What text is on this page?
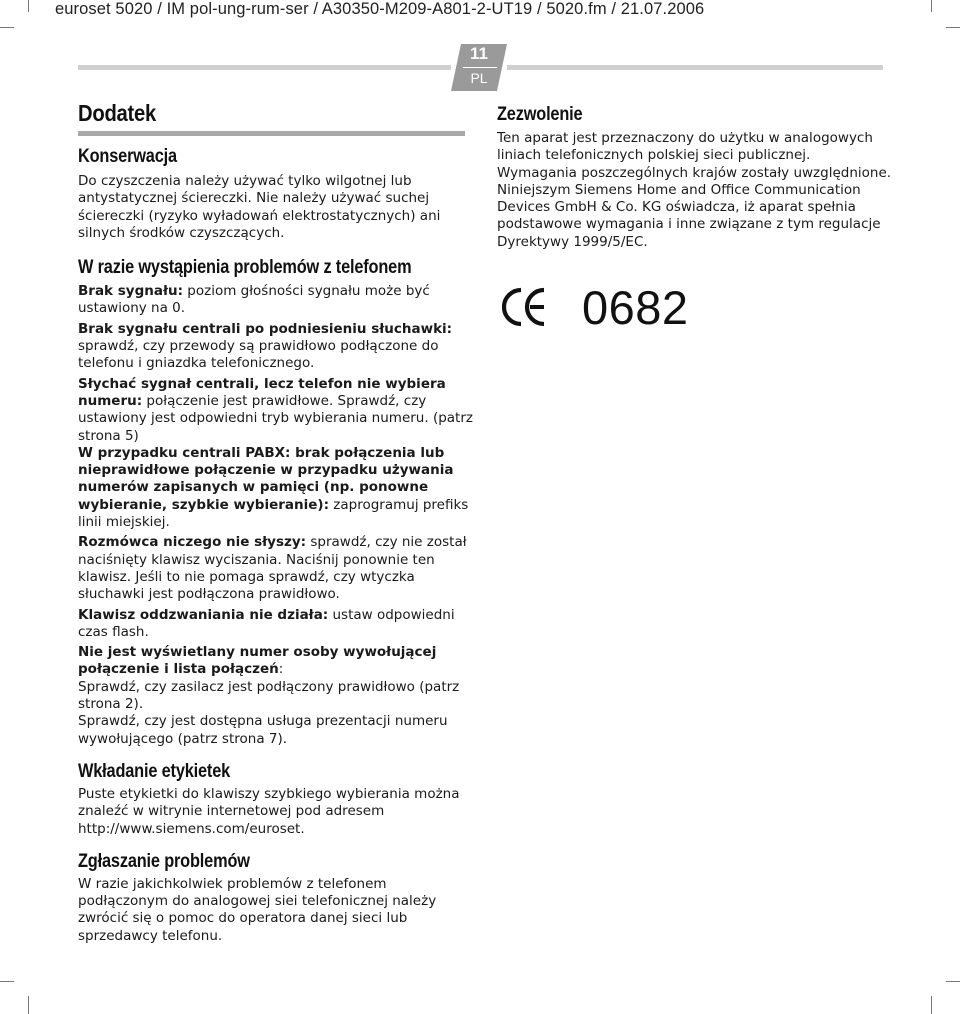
euroset 5020 / IM pol-ung-rum-ser / A30350-M209-A801-2-UT19 / 5020.fm / 21.07.2006
11
PL
Dodatek
Konserwacja

Do czyszczenia należy używać tylko wilgotnej lub antystatycznej ściereczki. Nie należy używać suchej ściereczki (ryzyko wyładowań elektrostatycznych) ani silnych środków czyszczących.

W razie wystąpienia problemów z telefonem

Brak sygnału: poziom głośności sygnału może być ustawiony na 0.

Brak sygnału centrali po podniesieniu słuchawki: sprawdź, czy przewody są prawidłowo podłączone do telefonu i gniazdka telefonicznego.

Słychać sygnał centrali, lecz telefon nie wybiera numeru: połączenie jest prawidłowe. Sprawdź, czy ustawiony jest odpowiedni tryb wybierania numeru. (patrz strona 5)

W przypadku centrali PABX: brak połączenia lub nieprawidłowe połączenie w przypadku używania numerów zapisanych w pamięci (np. ponowne wybieranie, szybkie wybieranie): zaprogramuj prefiks linii miejskiej.

Rozmówca niczego nie słyszy: sprawdź, czy nie został naciśnięty klawisz wyciszania. Naciśnij ponownie ten klawisz. Jeśli to nie pomaga sprawdź, czy wtyczka słuchawki jest podłączona prawidłowo.

Klawisz oddzwaniania nie działa: ustaw odpowiedni czas flash.

Nie jest wyświetlany numer osoby wywołującej połączenie i lista połączeń:

Sprawdź, czy zasilacz jest podłączony prawidłowo (patrz strona 2).

Sprawdź, czy jest dostępna usługa prezentacji numeru wywołującego (patrz strona 7).

Wkładanie etykietek

Puste etykietki do klawiszy szybkiego wybierania można znaleźć w witrynie internetowej pod adresem http://www.siemens.com/euroset.

Zgłaszanie problemów

W razie jakichkolwiek problemów z telefonem podłączonym do analogowej siei telefonicznej należy zwrócić się o pomoc do operatora danej sieci lub sprzedawcy telefonu.

Zezwolenie

Ten aparat jest przeznaczony do użytku w analogowych liniach telefonicznych polskiej sieci publicznej.

Wymagania poszczególnych krajów zostały uwzględnione.

Niniejszym Siemens Home and Office Communication Devices GmbH & Co. KG oświadcza, iż aparat spełnia podstawowe wymagania i inne związane z tym regulacje Dyrektywy 1999/5/EC.

0682
